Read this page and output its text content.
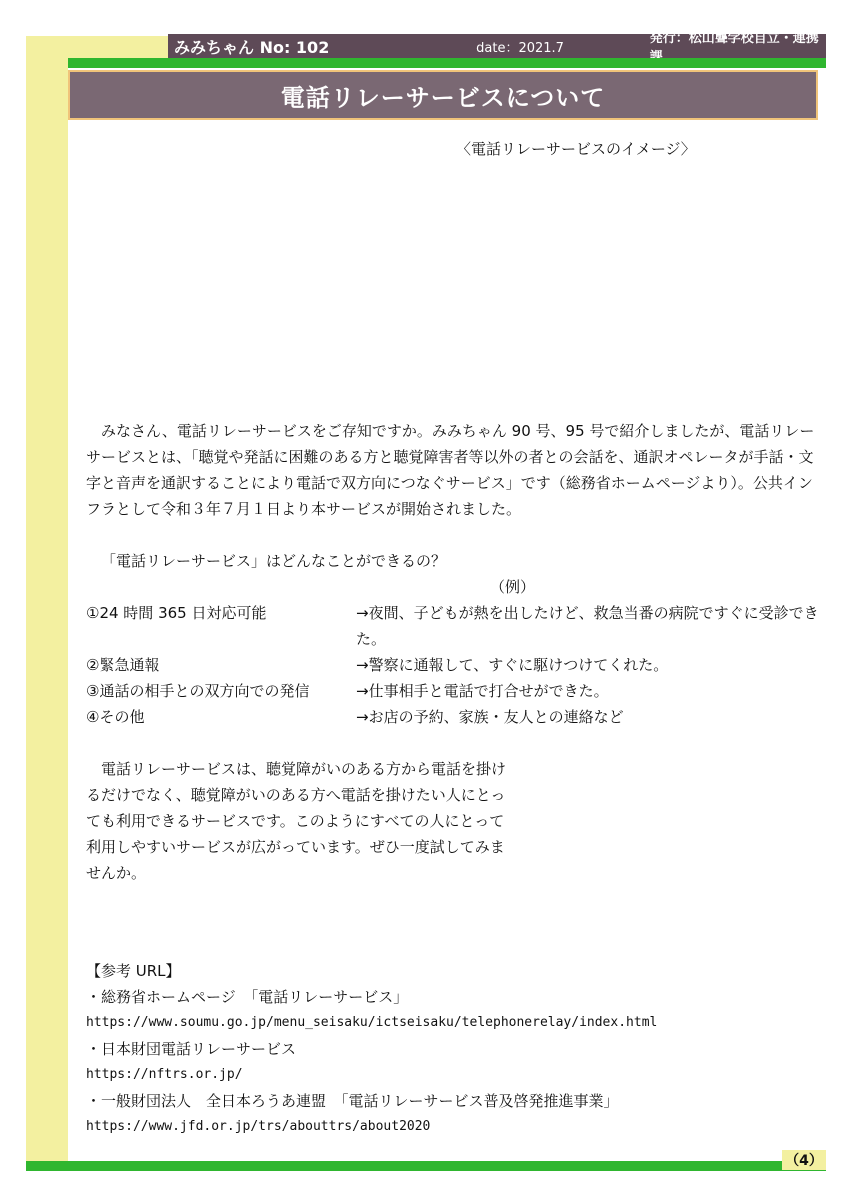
みみちゃん No: 102	date：2021.7
発行：松山聾学校自立・連携
電話リレーサービスについて
〈電話リレーサービスのイメージ〉

みなさん、電話リレーサービスをご存知ですか。みみちゃん 90 号、95 号で紹介しましたが、電話リレーサービスとは、「聴覚や発話に困難のある方と聴覚障害者等以外の者との会話を、通訳オペレータが手話・文字と音声を通訳することにより電話で双方向につなぐサービス」です（総務省ホームページより）。公共インフラとして令和３年７月１日より本サービスが開始されました。

「電話リレーサービス」はどんなことができるの？

（例）

①24 時間 365 日対応可能	→夜間、子どもが熱を出したけど、救急当番の病院ですぐに受診できた。
②緊急通報	→警察に通報して、すぐに駆けつけてくれた。
③通話の相手との双方向での発信	→仕事相手と電話で打合せができた。
④その他	→お店の予約、家族・友人との連絡など

電話リレーサービスは、聴覚障がいのある方から電話を掛けるだけでなく、聴覚障がいのある方へ電話を掛けたい人にとっても利用できるサービスです。このようにすべての人にとって利用しやすいサービスが広がっています。ぜひ一度試してみませんか。

【参考 URL】
・総務省ホームページ　「電話リレーサービス」
https://www.soumu.go.jp/menu_seisaku/ictseisaku/telephonerelay/index.html
・日本財団電話リレーサービス
https://nftrs.or.jp/
・一般財団法人　全日本ろうあ連盟　「電話リレーサービス普及啓発推進事業」
https://www.jfd.or.jp/trs/abouttrs/about2020
（4）
